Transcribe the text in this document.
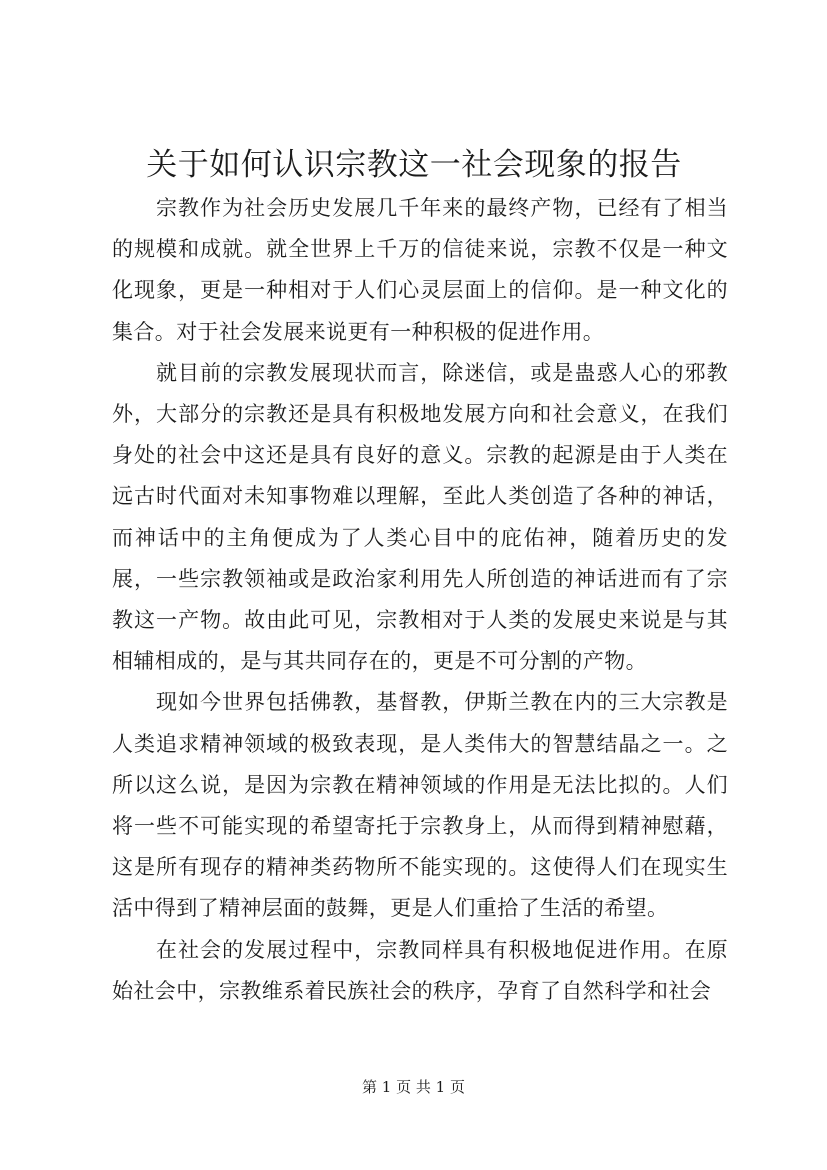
关于如何认识宗教这一社会现象的报告

宗教作为社会历史发展几千年来的最终产物，已经有了相当的规模和成就。就全世界上千万的信徒来说，宗教不仅是一种文化现象，更是一种相对于人们心灵层面上的信仰。是一种文化的集合。对于社会发展来说更有一种积极的促进作用。

就目前的宗教发展现状而言，除迷信，或是蛊惑人心的邪教外，大部分的宗教还是具有积极地发展方向和社会意义，在我们身处的社会中这还是具有良好的意义。宗教的起源是由于人类在远古时代面对未知事物难以理解，至此人类创造了各种的神话，而神话中的主角便成为了人类心目中的庇佑神，随着历史的发展，一些宗教领袖或是政治家利用先人所创造的神话进而有了宗教这一产物。故由此可见，宗教相对于人类的发展史来说是与其相辅相成的，是与其共同存在的，更是不可分割的产物。

现如今世界包括佛教，基督教，伊斯兰教在内的三大宗教是人类追求精神领域的极致表现，是人类伟大的智慧结晶之一。之所以这么说，是因为宗教在精神领域的作用是无法比拟的。人们将一些不可能实现的希望寄托于宗教身上，从而得到精神慰藉，这是所有现存的精神类药物所不能实现的。这使得人们在现实生活中得到了精神层面的鼓舞，更是人们重拾了生活的希望。

在社会的发展过程中，宗教同样具有积极地促进作用。在原始社会中，宗教维系着民族社会的秩序，孕育了自然科学和社会

第 1 页 共 1 页
